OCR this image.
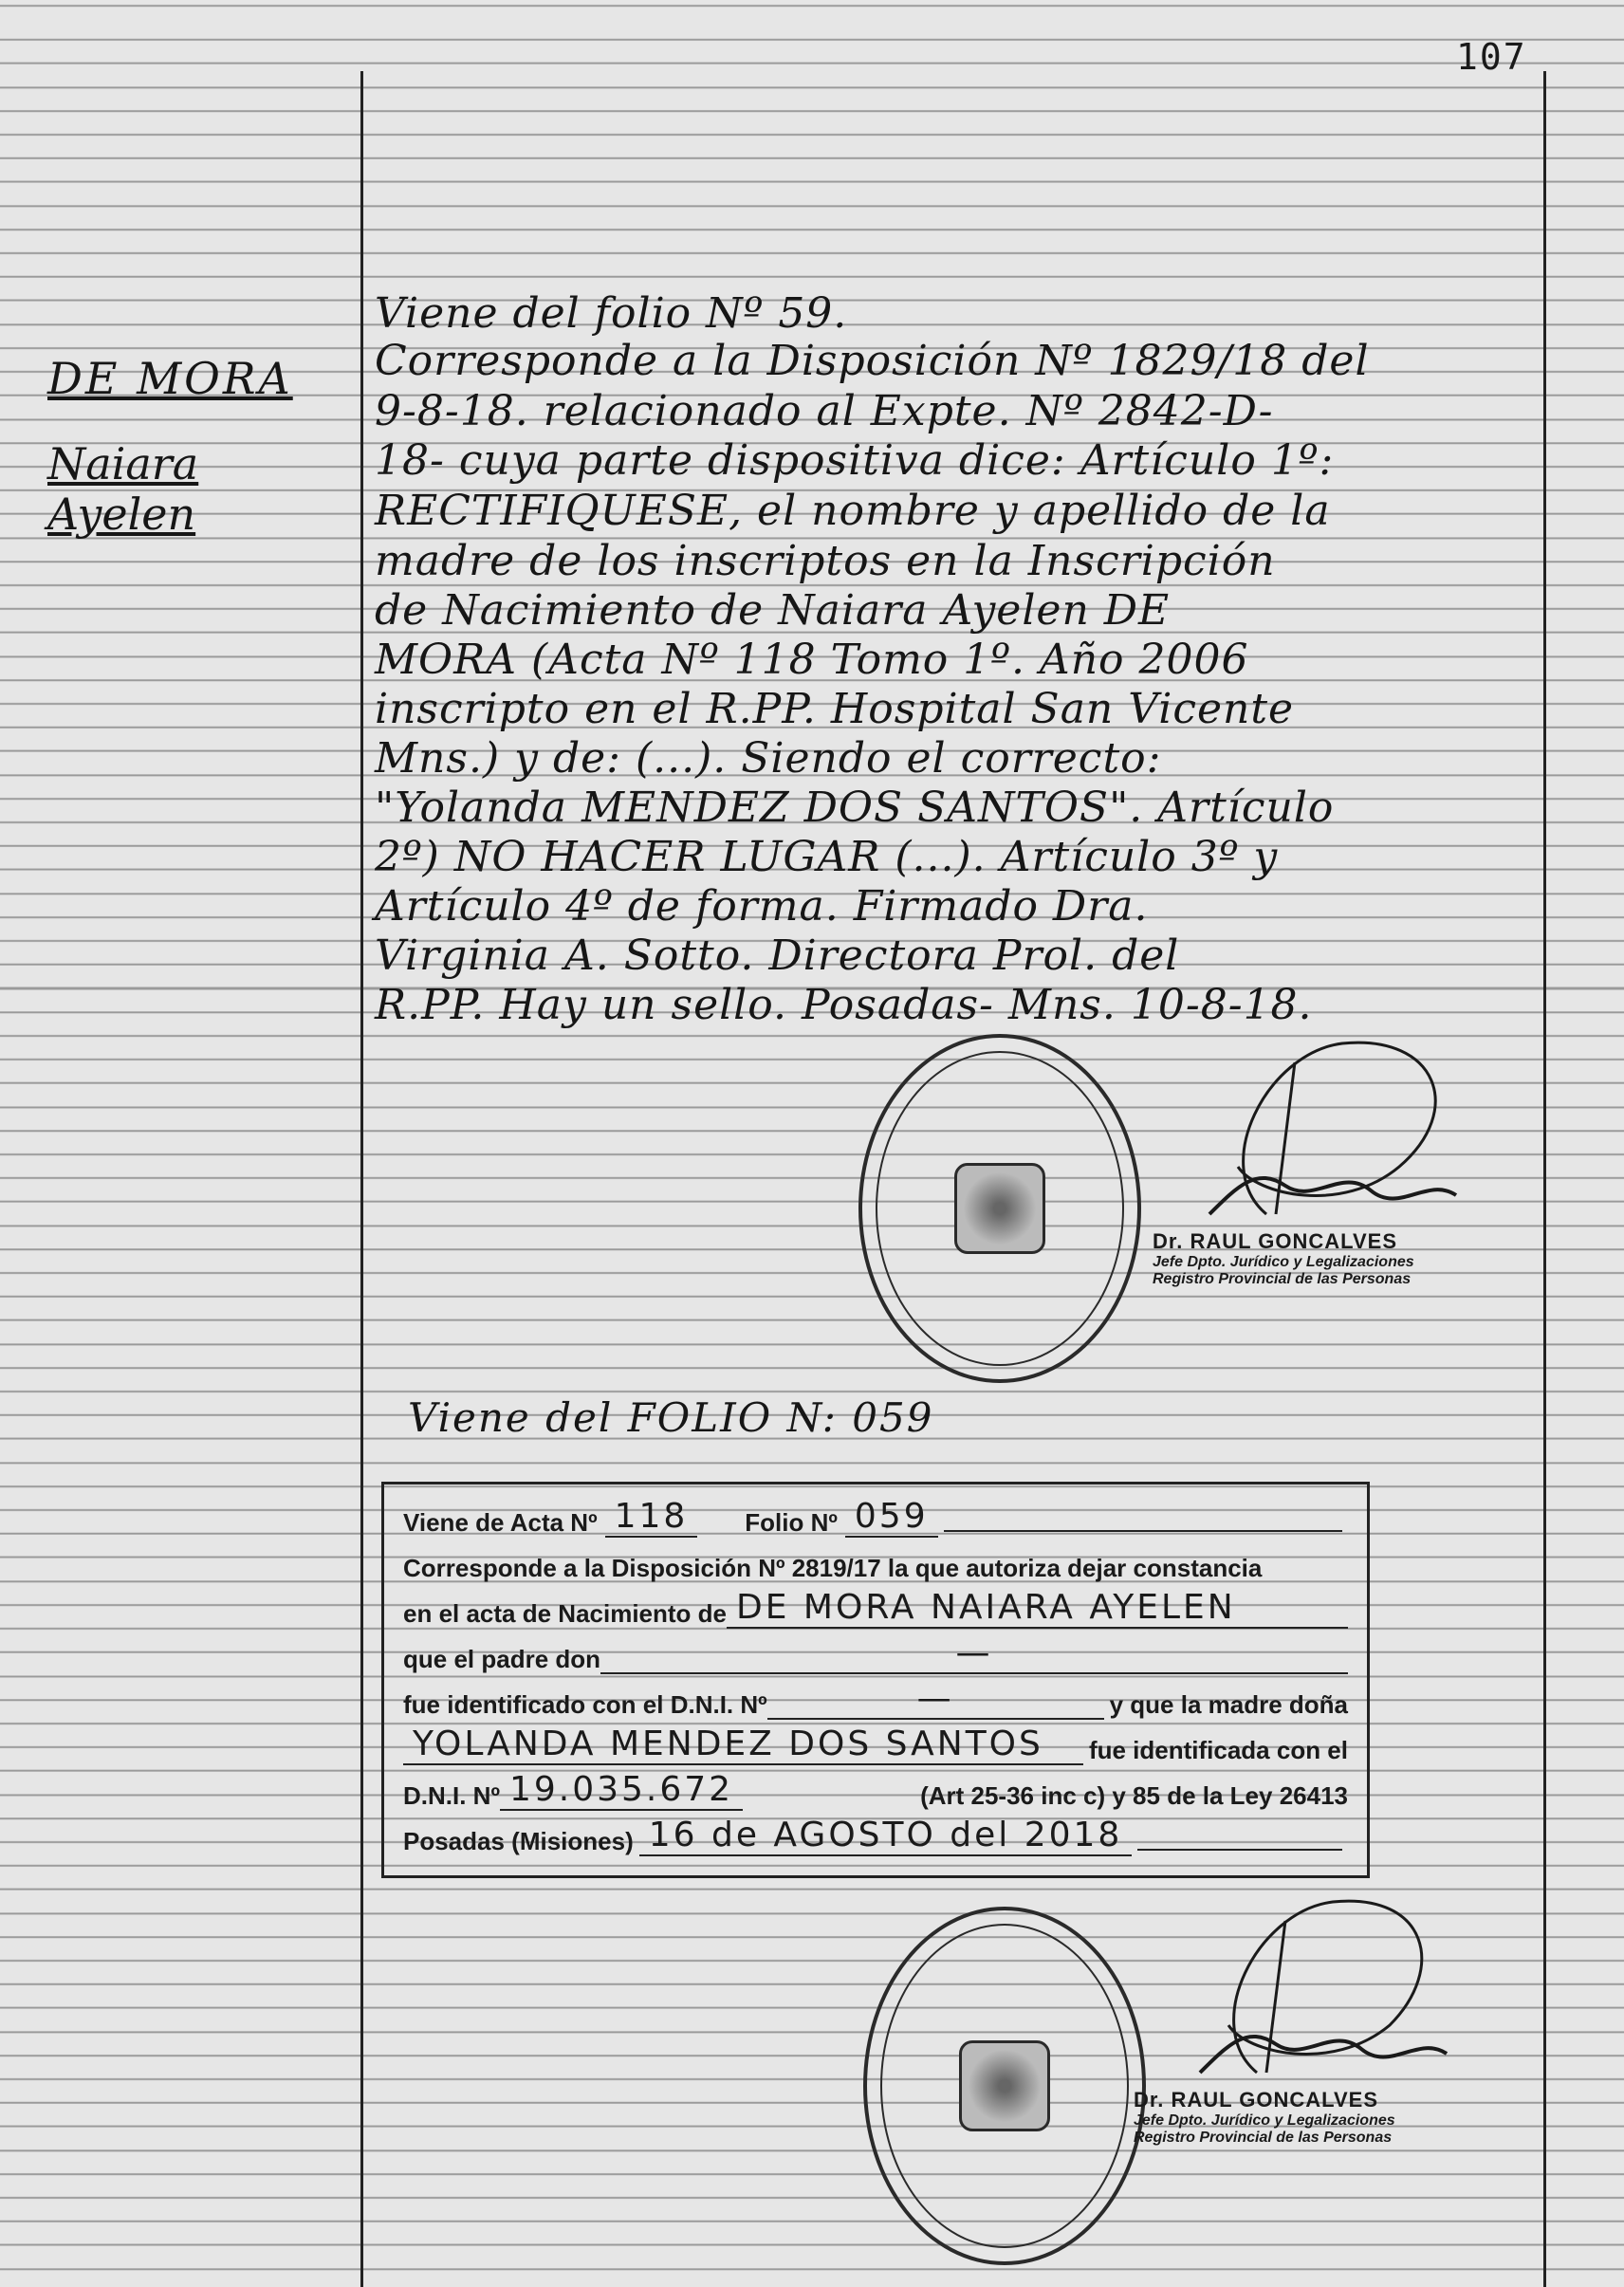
107
DE MORA
Naiara
Ayelen
Viene del folio Nº 59.
Corresponde a la Disposición Nº 1829/18 del
9-8-18. relacionado al Expte. Nº 2842-D-
18- cuya parte dispositiva dice: Artículo 1º:
RECTIFIQUESE, el nombre y apellido de la
madre de los inscriptos en la Inscripción
de Nacimiento de Naiara Ayelen DE
MORA (Acta Nº 118 Tomo 1º. Año 2006
inscripto en el R.PP. Hospital San Vicente
Mns.) y de: (...). Siendo el correcto:
"Yolanda MENDEZ DOS SANTOS". Artículo
2º) NO HACER LUGAR (...). Artículo 3º y
Artículo 4º de forma. Firmado Dra.
Virginia A. Sotto. Directora Prol. del
R.PP. Hay un sello. Posadas- Mns. 10-8-18.
Dr. RAUL GONCALVES
Jefe Dpto. Jurídico y Legalizaciones
Registro Provincial de las Personas
Viene del FOLIO N: 059
Viene de Acta Nº 118	Folio Nº 059
Corresponde a la Disposición Nº 2819/17 la que autoriza dejar constancia
en el acta de Nacimiento de DE MORA NAIARA AYELEN
que el padre don	—
fue identificado con el D.N.I. Nº	—	y que la madre doña
YOLANDA MENDEZ DOS SANTOS	fue identificada con el
D.N.I. Nº 19.035.672	(Art 25-36 inc c) y 85 de la Ley 26413
Posadas (Misiones) 16 de AGOSTO del 2018
Dr. RAUL GONCALVES
Jefe Dpto. Jurídico y Legalizaciones
Registro Provincial de las Personas
